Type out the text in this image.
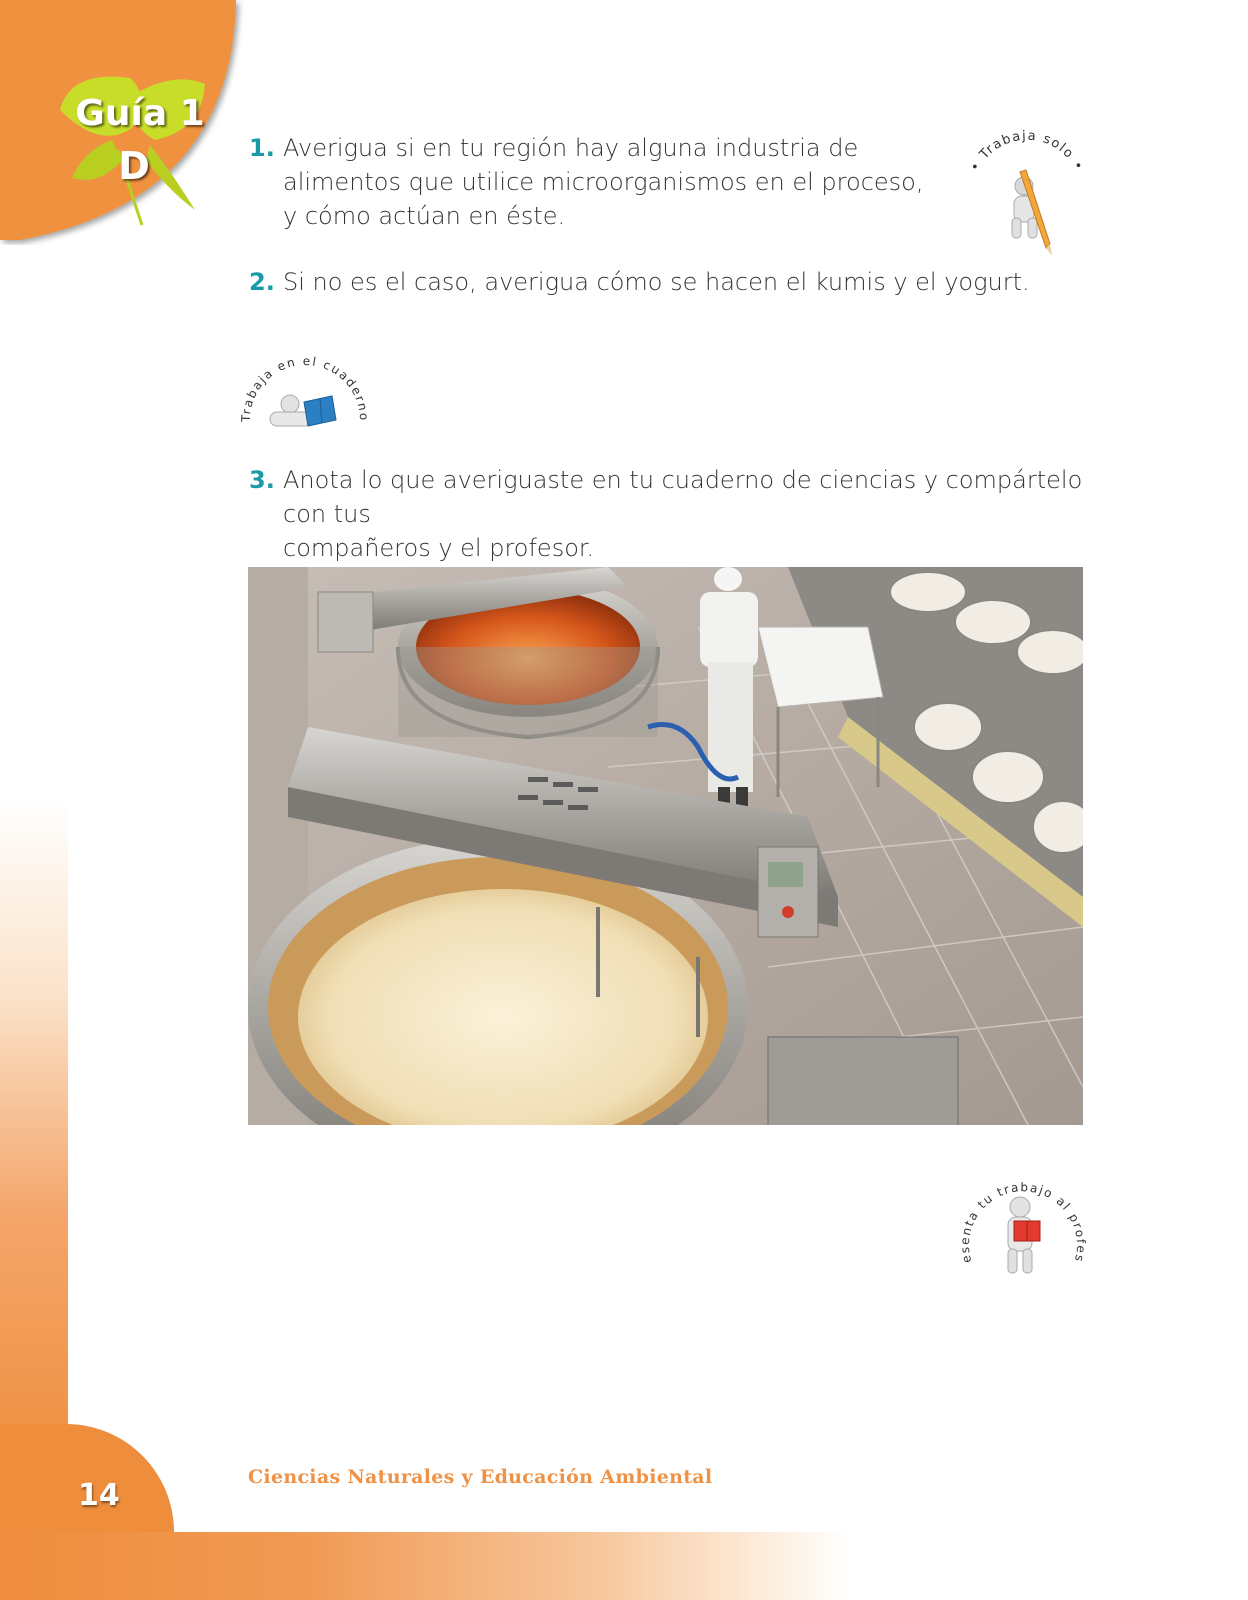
14
Ciencias Naturales y Educación Ambiental
Guía 1
D	1. Averigua si en tu región hay alguna industria de
alimentos que utilice microorganismos en el proceso,
y cómo actúan en éste.
2. Si no es el caso, averigua cómo se hacen el kumis y el yogurt.
3. Anota lo que averiguaste en tu cuaderno de ciencias y compártelo con tus
compañeros y el profesor.
• Trabaja solo •
• Trabaja en el cuaderno •
• presenta tu trabajo al profesor •
